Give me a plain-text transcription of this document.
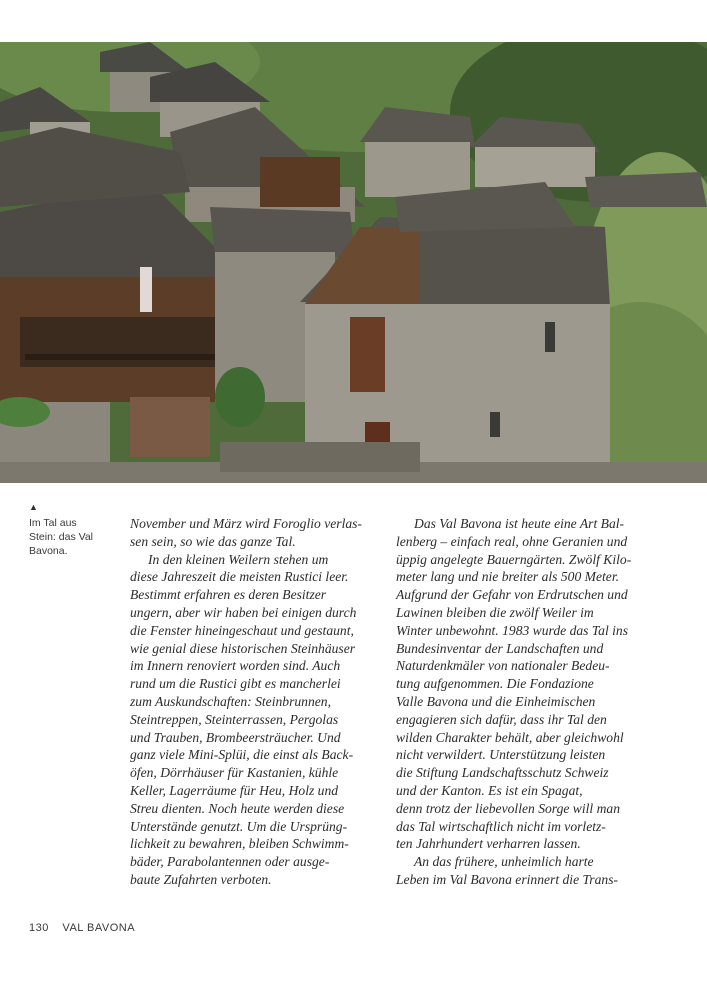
▲
Im Tal aus
Stein: das Val
Bavona.
November und März wird Foroglio verlas-
sen sein, so wie das ganze Tal.
In den kleinen Weilern stehen um
diese Jahreszeit die meisten Rustici leer.
Bestimmt erfahren es deren Besitzer
ungern, aber wir haben bei einigen durch
die Fenster hineingeschaut und gestaunt,
wie genial diese historischen Steinhäuser
im Innern renoviert worden sind. Auch
rund um die Rustici gibt es mancherlei
zum Auskundschaften: Steinbrunnen,
Steintreppen, Steinterrassen, Pergolas
und Trauben, Brombeersträucher. Und
ganz viele Mini-Splüi, die einst als Back-
öfen, Dörrhäuser für Kastanien, kühle
Keller, Lagerräume für Heu, Holz und
Streu dienten. Noch heute werden diese
Unterstände genutzt. Um die Ursprüng-
lichkeit zu bewahren, bleiben Schwimm-
bäder, Parabolantennen oder ausge-
baute Zufahrten verboten.
Das Val Bavona ist heute eine Art Bal-
lenberg – einfach real, ohne Geranien und
üppig angelegte Bauerngärten. Zwölf Kilo-
meter lang und nie breiter als 500 Meter.
Aufgrund der Gefahr von Erdrutschen und
Lawinen bleiben die zwölf Weiler im
Winter unbewohnt. 1983 wurde das Tal ins
Bundesinventar der Landschaften und
Naturdenkmäler von nationaler Bedeu-
tung aufgenommen. Die Fondazione
Valle Bavona und die Einheimischen
engagieren sich dafür, dass ihr Tal den
wilden Charakter behält, aber gleichwohl
nicht verwildert. Unterstützung leisten
die Stiftung Landschaftsschutz Schweiz
und der Kanton. Es ist ein Spagat,
denn trotz der liebevollen Sorge will man
das Tal wirtschaftlich nicht im vorletz-
ten Jahrhundert verharren lassen.
An das frühere, unheimlich harte
Leben im Val Bavona erinnert die Trans-
130 VAL BAVONA
